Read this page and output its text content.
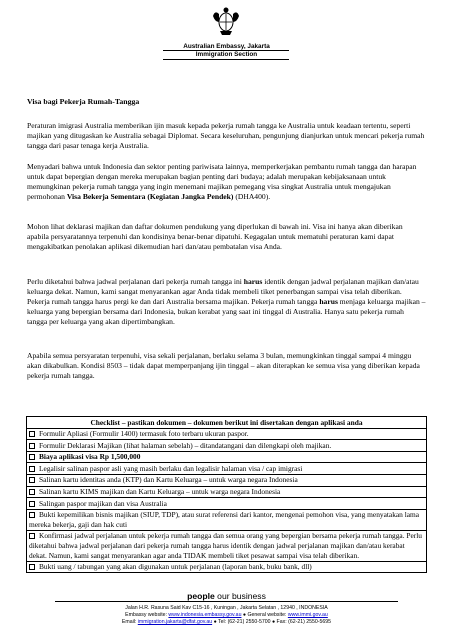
Australian Embassy, Jakarta
Immigration Section
Visa bagi Pekerja Rumah-Tangga

Peraturan imigrasi Australia memberikan ijin masuk kepada pekerja rumah tangga ke Australia untuk keadaan tertentu, seperti majikan yang ditugaskan ke Australia sebagai Diplomat. Secara keseluruhan, pengunjung dianjurkan untuk mencari pekerja rumah tangga dari pasar tenaga kerja Australia.

Menyadari bahwa untuk Indonesia dan sektor penting pariwisata lainnya, memperkerjakan pembantu rumah tangga dan harapan untuk dapat bepergian dengan mereka merupakan bagian penting dari budaya; adalah merupakan kebijaksanaan untuk memungkinan pekerja rumah tangga yang ingin menemani majikan pemegang visa singkat Australia untuk mengajukan permohonan Visa Bekerja Sementara (Kegiatan Jangka Pendek) (DHA400).

Mohon lihat deklarasi majikan dan daftar dokumen pendukung yang diperlukan di bawah ini. Visa ini hanya akan diberikan apabila persyaratannya terpenuhi dan kondisinya benar-benar dipatuhi. Kegagalan untuk mematuhi peraturan kami dapat mengakibatkan penolakan aplikasi dikemudian hari dan/atau pembatalan visa Anda.

Perlu diketahui bahwa jadwal perjalanan dari pekerja rumah tangga ini harus identik dengan jadwal perjalanan majikan dan/atau keluarga dekat. Namun, kami sangat menyarankan agar Anda tidak membeli tiket penerbangan sampai visa telah diberikan. Pekerja rumah tangga harus pergi ke dan dari Australia bersama majikan. Pekerja rumah tangga harus menjaga keluarga majikan – keluarga yang bepergian bersama dari Indonesia, bukan kerabat yang saat ini tinggal di Australia. Hanya satu pekerja rumah tangga per keluarga yang akan dipertimbangkan.

Apabila semua persyaratan terpenuhi, visa sekali perjalanan, berlaku selama 3 bulan, memungkinkan tinggal sampai 4 minggu akan dikabulkan. Kondisi 8503 – tidak dapat memperpanjang ijin tinggal – akan diterapkan ke semua visa yang diberikan kepada pekerja rumah tangga.

Checklist – pastikan dokumen – dokumen berikut ini disertakan dengan aplikasi anda
Formulir Apliasi (Formulir 1400) termasuk foto terbaru ukuran paspor.
Formulir Deklarasi Majikan (lihat halaman sebelah) – ditandatangani dan dilengkapi oleh majikan.
Biaya aplikasi visa Rp 1,500,000
Legalisir salinan paspor asli yang masih berlaku dan legalisir halaman visa / cap imigrasi
Salinan kartu identitas anda (KTP) dan Kartu Keluarga – untuk warga negara Indonesia
Salinan kartu KIMS majikan dan Kartu Keluarga – untuk warga negara Indonesia
Salingan paspor majikan dan visa Australia
Bukti kepemilikan bisnis majikan (SIUP, TDP), atau surat referensi dari kantor, mengenai pemohon visa, yang menyatakan lama mereka bekerja, gaji dan hak cuti
Konfirmasi jadwal perjalanan untuk pekerja rumah tangga dan semua orang yang bepergian bersama pekerja rumah tangga. Perlu diketahui bahwa jadwal perjalanan dari pekerja rumah tangga harus identik dengan jadwal perjalanan majikan dan/atau kerabat dekat. Namun, kami sangat menyarankan agar anda TIDAK membeli tiket pesawat sampai visa telah diberikan.
Bukti uang / tabungan yang akan digunakan untuk perjalanan (laporan bank, buku bank, dll)
people our business
Jalan H.R. Rasuna Said Kav C15-16 , Kuningan , Jakarta Selatan , 12940 , INDONESIA
Embassy website: www.indonesia.embassy.gov.au ● General website: www.immi.gov.au
Email: immigration.jakarta@dfat.gov.au ● Tel: (62-21) 2550-5700 ● Fax: (62-21) 2550-5695
